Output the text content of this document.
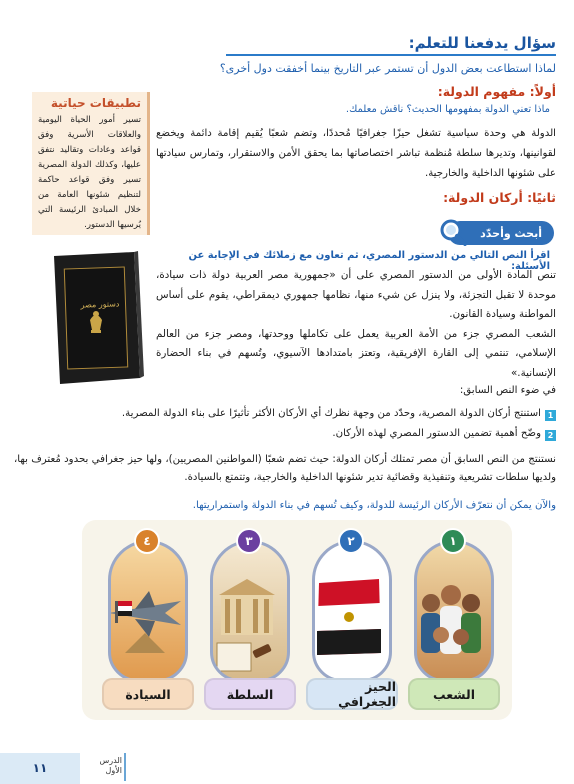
سؤال يدفعنا للتعلم:
لماذا استطاعت بعض الدول أن تستمر عبر التاريخ بينما أخفقت دول أخرى؟
تطبيقات حياتية
تسير أمور الحياة اليومية والعلاقات الأسرية وفق قواعد وعادات وتقاليد نتفق عليها، وكذلك الدولة المصرية تسير وفق قواعد حاكمة لتنظيم شئونها العامة من خلال المبادئ الرئيسة التي يُرسيها الدستور.
أولاً: مفهوم الدولة:
ماذا تعني الدولة بمفهومها الحديث؟ ناقش معلمك.
الدولة هي وحدة سياسية تشغل حيزًا جغرافيًا مُحددًا، وتضم شعبًا يُقيم إقامة دائمة ويخضع لقوانينها، وتديرها سلطة مُنظمة تباشر اختصاصاتها بما يحقق الأمن والاستقرار، وتمارس سيادتها على شئونها الداخلية والخارجية.
ثانيًا: أركان الدولة:
أبحث وأحدّد
اقرأ النص التالي من الدستور المصري، ثم تعاون مع زملائك في الإجابة عن الأسئلة:

تنص المادة الأولى من الدستور المصري على أن «جمهورية مصر العربية دولة ذات سيادة، موحدة لا تقبل التجزئة، ولا ينزل عن شيء منها، نظامها جمهوري ديمقراطي، يقوم على أساس المواطنة وسيادة القانون.

الشعب المصري جزء من الأمة العربية يعمل على تكاملها ووحدتها، ومصر جزء من العالم الإسلامي، تنتمي إلى القارة الإفريقية، وتعتز بامتدادها الآسيوي، وتُسهم في بناء الحضارة الإنسانية.»

دستور مصر
في ضوء النص السابق:
1
استنتج أركان الدولة المصرية، وحدّد من وجهة نظرك أي الأركان الأكثر تأثيرًا على بناء الدولة المصرية.
2
وضّح أهمية تضمين الدستور المصري لهذه الأركان.
نستنتج من النص السابق أن مصر تمتلك أركان الدولة: حيث تضم شعبًا (المواطنين المصريين)، ولها حيز جغرافي بحدود مُعترف بها، ولديها سلطات تشريعية وتنفيذية وقضائية تدير شئونها الداخلية والخارجية، وتتمتع بالسيادة.
والآن يمكن أن نتعرّف الأركان الرئيسة للدولة، وكيف تُسهم في بناء الدولة واستمراريتها.
١
الشعب
٢
الحيز الجغرافي
٣
السلطة
٤
السيادة
١١
الدرس
الأول
